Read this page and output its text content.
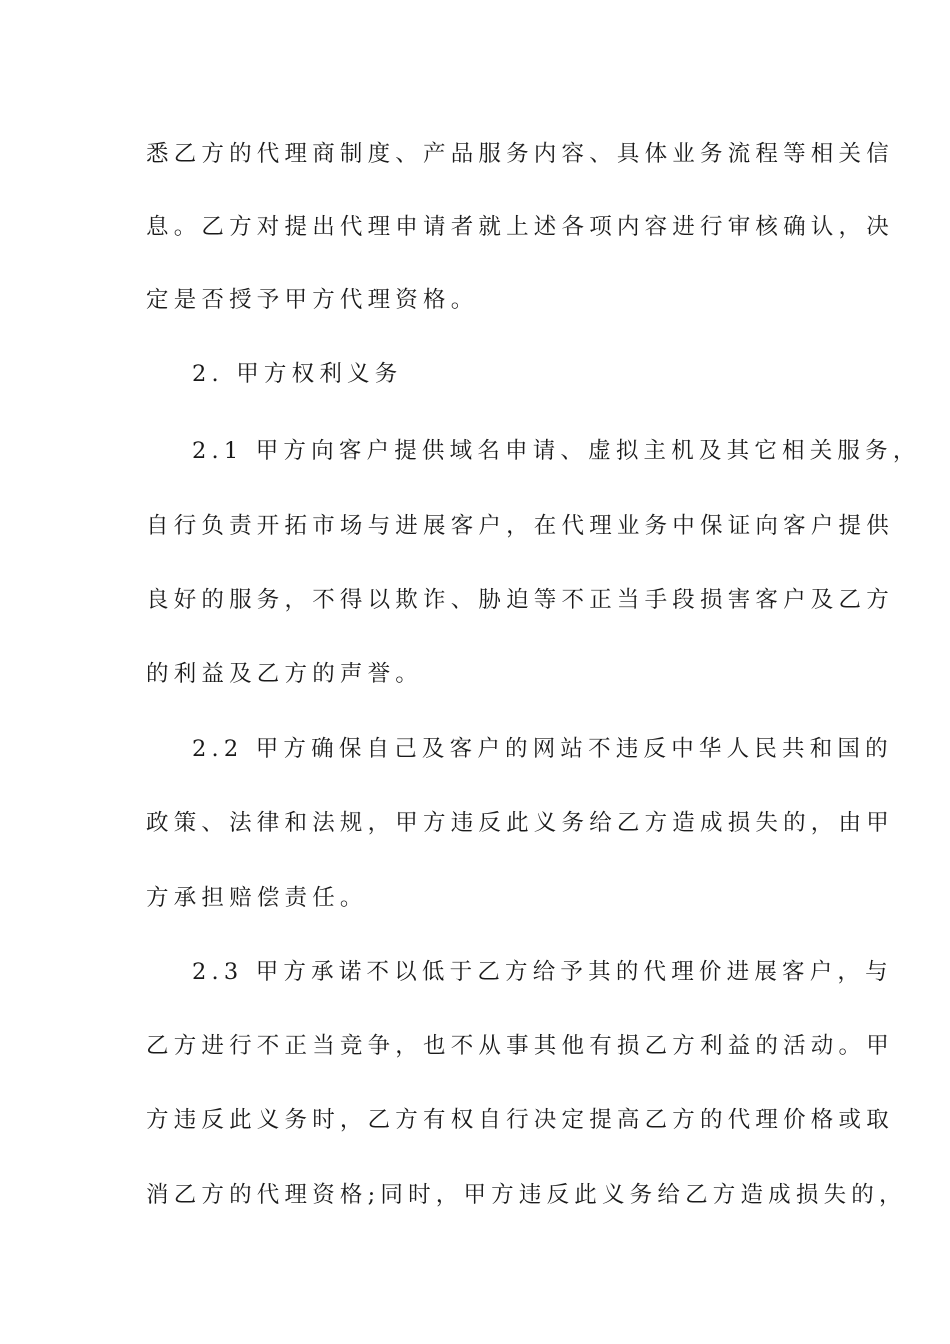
悉乙方的代理商制度、产品服务内容、具体业务流程等相关信
息。乙方对提出代理申请者就上述各项内容进行审核确认，决
定是否授予甲方代理资格。
2. 甲方权利义务
2.1 甲方向客户提供域名申请、虚拟主机及其它相关服务，
自行负责开拓市场与进展客户，在代理业务中保证向客户提供
良好的服务，不得以欺诈、胁迫等不正当手段损害客户及乙方
的利益及乙方的声誉。
2.2 甲方确保自己及客户的网站不违反中华人民共和国的
政策、法律和法规，甲方违反此义务给乙方造成损失的，由甲
方承担赔偿责任。
2.3 甲方承诺不以低于乙方给予其的代理价进展客户，与
乙方进行不正当竞争，也不从事其他有损乙方利益的活动。甲
方违反此义务时，乙方有权自行决定提高乙方的代理价格或取
消乙方的代理资格;同时，甲方违反此义务给乙方造成损失的，
